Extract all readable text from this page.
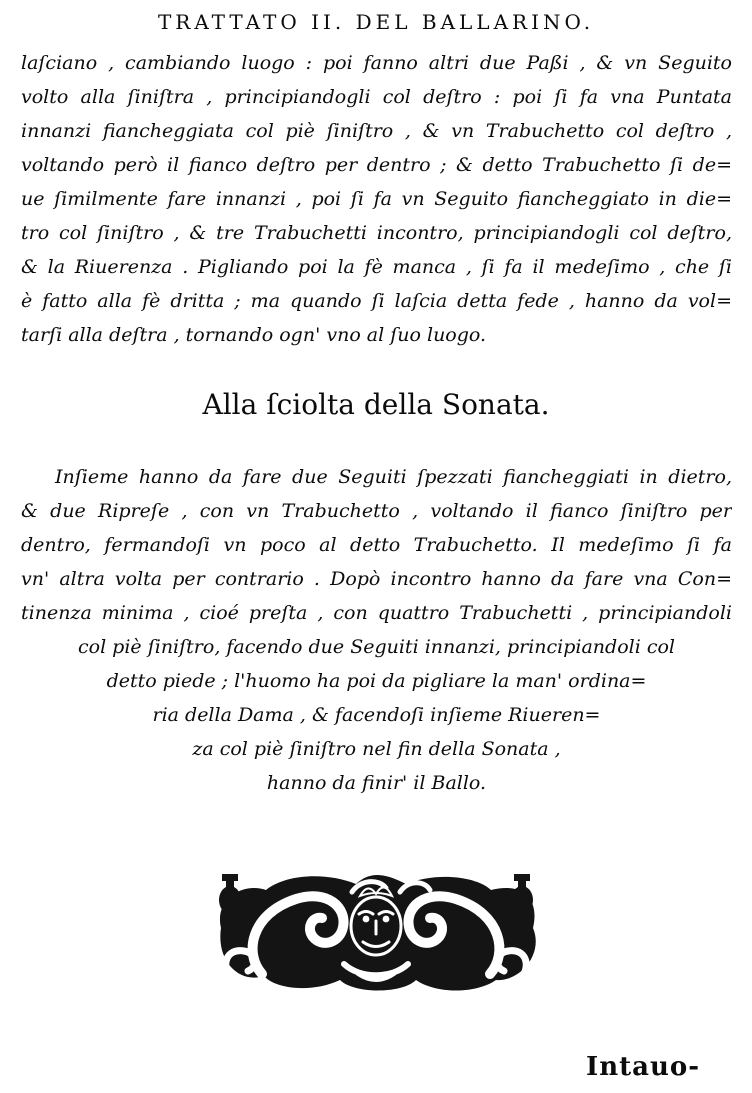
TRATTATO II. DEL BALLARINO.
laſciano , cambiando luogo : poi fanno altri due Paßi , & vn Seguito
volto alla ſiniſtra , principiandogli col deſtro : poi ſi fa vna Puntata
innanzi fiancheggiata col piè ſiniſtro , & vn Trabuchetto col deſtro ,
voltando però il fianco deſtro per dentro ; & detto Trabuchetto ſi de=
ue ſimilmente fare innanzi , poi ſi fa vn Seguito fiancheggiato in die=
tro col ſiniſtro , & tre Trabuchetti incontro, principiandogli col deſtro,
& la Riuerenza . Pigliando poi la fè manca , ſi fa il medeſimo , che ſi
è fatto alla fè dritta ; ma quando ſi laſcia detta fede , hanno da vol=
tarſi alla deſtra , tornando ogn' vno al ſuo luogo.
Alla ſciolta della Sonata.
Inſieme hanno da fare due Seguiti ſpezzati fiancheggiati in dietro,
& due Ripreſe , con vn Trabuchetto , voltando il fianco ſiniſtro per
dentro, fermandoſi vn poco al detto Trabuchetto. Il medeſimo ſi fa
vn' altra volta per contrario . Dopò incontro hanno da fare vna Con=
tinenza minima , cioé preſta , con quattro Trabuchetti , principiandoli
col piè ſiniſtro, facendo due Seguiti innanzi, principiandoli col
detto piede ; l'huomo ha poi da pigliare la man' ordina=
ria della Dama , & facendoſi inſieme Riueren=
za col piè ſiniſtro nel fin della Sonata ,
hanno da finir' il Ballo.
Intauo-
